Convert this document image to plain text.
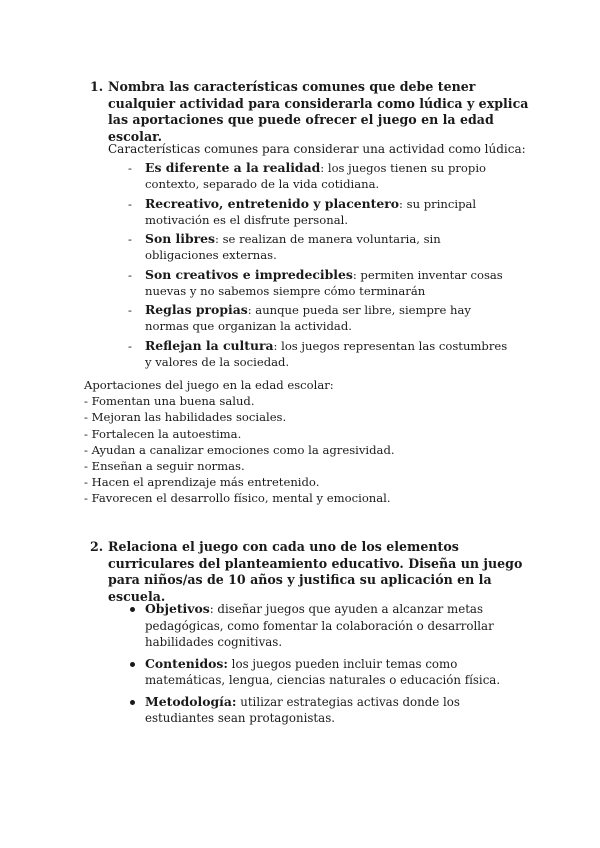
1. Nombra las características comunes que debe tener cualquier actividad para considerarla como lúdica y explica las aportaciones que puede ofrecer el juego en la edad escolar.
Características comunes para considerar una actividad como lúdica:
- Es diferente a la realidad: los juegos tienen su propio contexto, separado de la vida cotidiana.
- Recreativo, entretenido y placentero: su principal motivación es el disfrute personal.
- Son libres: se realizan de manera voluntaria, sin obligaciones externas.
- Son creativos e impredecibles: permiten inventar cosas nuevas y no sabemos siempre cómo terminarán
- Reglas propias: aunque pueda ser libre, siempre hay normas que organizan la actividad.
- Reflejan la cultura: los juegos representan las costumbres y valores de la sociedad.
Aportaciones del juego en la edad escolar:
- Fomentan una buena salud.
- Mejoran las habilidades sociales.
- Fortalecen la autoestima.
- Ayudan a canalizar emociones como la agresividad.
- Enseñan a seguir normas.
- Hacen el aprendizaje más entretenido.
- Favorecen el desarrollo físico, mental y emocional.
2. Relaciona el juego con cada uno de los elementos curriculares del planteamiento educativo. Diseña un juego para niños/as de 10 años y justifica su aplicación en la escuela.
Objetivos: diseñar juegos que ayuden a alcanzar metas pedagógicas, como fomentar la colaboración o desarrollar habilidades cognitivas.
Contenidos: los juegos pueden incluir temas como matemáticas, lengua, ciencias naturales o educación física.
Metodología: utilizar estrategias activas donde los estudiantes sean protagonistas.
